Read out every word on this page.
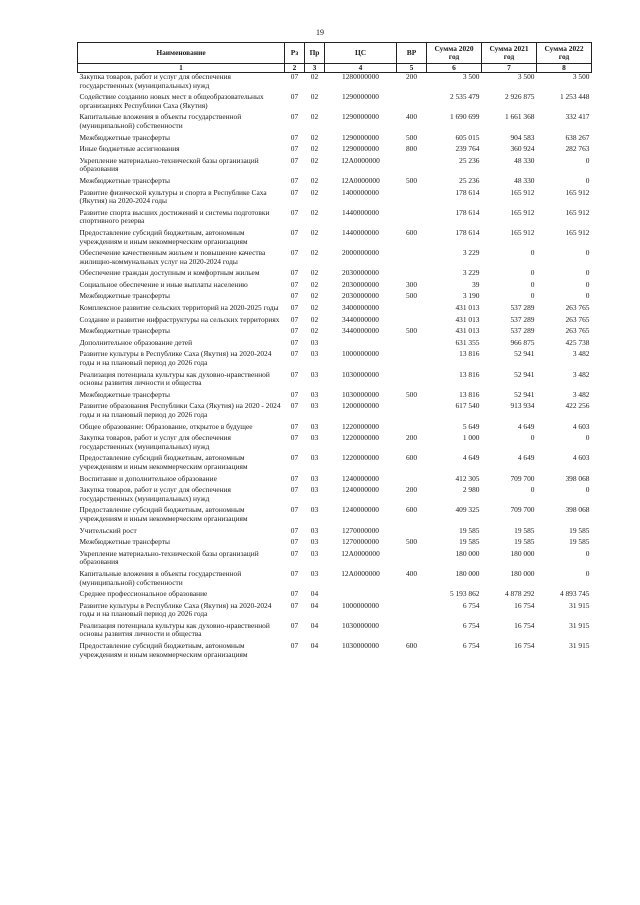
19
Наименование	Рз	Пр	ЦС	ВР	Сумма 2020 год	Сумма 2021 год	Сумма 2022 год
1	2	3	4	5	6	7	8
Закупка товаров, работ и услуг для обеспечения государственных (муниципальных) нужд	07	02	1280000000	200	3 500	3 500	3 500
Содействие созданию новых мест в общеобразовательных организациях Республики Саха (Якутия)	07	02	1290000000		2 535 479	2 926 875	1 253 448
Капитальные вложения в объекты государственной (муниципальной) собственности	07	02	1290000000	400	1 690 699	1 661 368	332 417
Межбюджетные трансферты	07	02	1290000000	500	605 015	904 583	638 267
Иные бюджетные ассигнования	07	02	1290000000	800	239 764	360 924	282 763
Укрепление материально-технической базы организаций образования	07	02	12А0000000		25 236	48 330	0
Межбюджетные трансферты	07	02	12А0000000	500	25 236	48 330	0
Развитие физической культуры и спорта в Республике Саха (Якутия) на 2020-2024 годы	07	02	1400000000		178 614	165 912	165 912
Развитие спорта высших достижений и системы подготовки спортивного резерва	07	02	1440000000		178 614	165 912	165 912
Предоставление субсидий бюджетным, автономным учреждениям и иным некоммерческим организациям	07	02	1440000000	600	178 614	165 912	165 912
Обеспечение качественным жильем и повышение качества жилищно-коммунальных услуг на 2020-2024 годы	07	02	2000000000		3 229	0	0
Обеспечение граждан доступным и комфортным жильем	07	02	2030000000		3 229	0	0
Социальное обеспечение и иные выплаты населению	07	02	2030000000	300	39	0	0
Межбюджетные трансферты	07	02	2030000000	500	3 190	0	0
Комплексное развитие сельских территорий на 2020-2025 годы	07	02	3400000000		431 013	537 289	263 765
Создание и развитие инфраструктуры на сельских территориях	07	02	3440000000		431 013	537 289	263 765
Межбюджетные трансферты	07	02	3440000000	500	431 013	537 289	263 765
Дополнительное образование детей	07	03			631 355	966 875	425 738
Развитие культуры в Республике Саха (Якутия) на 2020-2024 годы и на плановый период до 2026 года	07	03	1000000000		13 816	52 941	3 482
Реализация потенциала культуры как духовно-нравственной основы развития личности и общества	07	03	1030000000		13 816	52 941	3 482
Межбюджетные трансферты	07	03	1030000000	500	13 816	52 941	3 482
Развитие образования Республики Саха (Якутия) на 2020 - 2024 годы и на плановый период до 2026 года	07	03	1200000000		617 540	913 934	422 256
Общее образование: Образование, открытое в будущее	07	03	1220000000		5 649	4 649	4 603
Закупка товаров, работ и услуг для обеспечения государственных (муниципальных) нужд	07	03	1220000000	200	1 000	0	0
Предоставление субсидий бюджетным, автономным учреждениям и иным некоммерческим организациям	07	03	1220000000	600	4 649	4 649	4 603
Воспитание и дополнительное образование	07	03	1240000000		412 305	709 700	398 068
Закупка товаров, работ и услуг для обеспечения государственных (муниципальных) нужд	07	03	1240000000	200	2 980	0	0
Предоставление субсидий бюджетным, автономным учреждениям и иным некоммерческим организациям	07	03	1240000000	600	409 325	709 700	398 068
Учительский рост	07	03	1270000000		19 585	19 585	19 585
Межбюджетные трансферты	07	03	1270000000	500	19 585	19 585	19 585
Укрепление материально-технической базы организаций образования	07	03	12А0000000		180 000	180 000	0
Капитальные вложения в объекты государственной (муниципальной) собственности	07	03	12А0000000	400	180 000	180 000	0
Среднее профессиональное образование	07	04			5 193 862	4 878 292	4 893 745
Развитие культуры в Республике Саха (Якутия) на 2020-2024 годы и на плановый период до 2026 года	07	04	1000000000		6 754	16 754	31 915
Реализация потенциала культуры как духовно-нравственной основы развития личности и общества	07	04	1030000000		6 754	16 754	31 915
Предоставление субсидий бюджетным, автономным учреждениям и иным некоммерческим организациям	07	04	1030000000	600	6 754	16 754	31 915
